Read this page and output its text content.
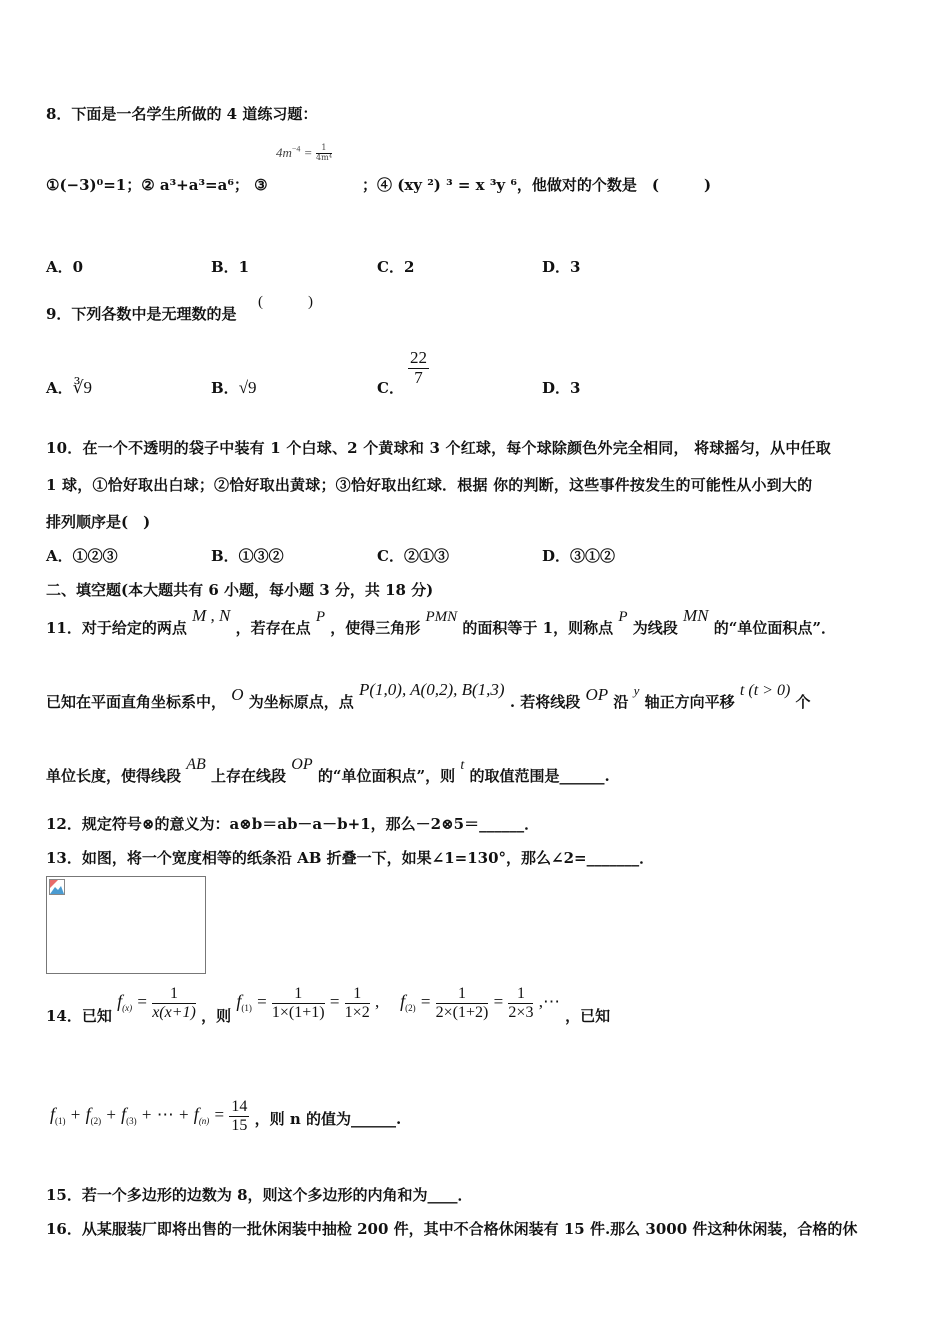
8．下面是一名学生所做的 4 道练习题：
$4m^{-4} = \frac{1}{\text{4m⁴}}$
①(−3)⁰=1；② a³+a³=a⁶； ③	；④ (xy ²) ³ = x ³y ⁶，他做对的个数是　(　　　)
A．0	B．1	C．2	D．3
9．下列各数中是无理数的是
(　　　)
A．∛9	B．√9	C．
$\frac{22}{7}$
D．3
10．在一个不透明的袋子中装有 1 个白球、2 个黄球和 3 个红球，每个球除颜色外完全相同， 将球摇匀，从中任取
1 球，①恰好取出白球；②恰好取出黄球；③恰好取出红球．根据 你的判断，这些事件按发生的可能性从小到大的
排列顺序是(　)
A．①②③	B．①③②	C．②①③	D．③①②
二、填空题(本大题共有 6 小题，每小题 3 分，共 18 分)
11．对于给定的两点 M , N ，若存在点 P ，使得三角形 PMN 的面积等于 1，则称点 P 为线段 MN 的“单位面积点”．
已知在平面直角坐标系中， O 为坐标原点，点 P(1,0), A(0,2), B(1,3) . 若将线段 OP 沿 y 轴正方向平移 t (t > 0) 个
单位长度，使得线段 AB 上存在线段 OP 的“单位面积点”，则 t 的取值范围是______.
12．规定符号⊗的意义为：a⊗b＝ab－a－b+1，那么－2⊗5＝______．
13．如图，将一个宽度相等的纸条沿 AB 折叠一下，如果∠1=130°，那么∠2=_______．
14．已知 $f_{(x)} = \frac{1}{x(x+1)}$ ，则 $f_{(1)} = \frac{1}{1\times(1+1)} = \frac{1}{1\times 2}$ , $f_{(2)} = \frac{1}{2\times(1+2)} = \frac{1}{2\times 3}$ ,⋯ ，已知
$f_{(1)} + f_{(2)} + f_{(3)}$ + ⋯ + $f_{(n)} = \frac{14}{15}$ ，则 n 的值为______.
15．若一个多边形的边数为 8，则这个多边形的内角和为____．
16．从某服装厂即将出售的一批休闲装中抽检 200 件，其中不合格休闲装有 15 件.那么 3000 件这种休闲装，合格的休
